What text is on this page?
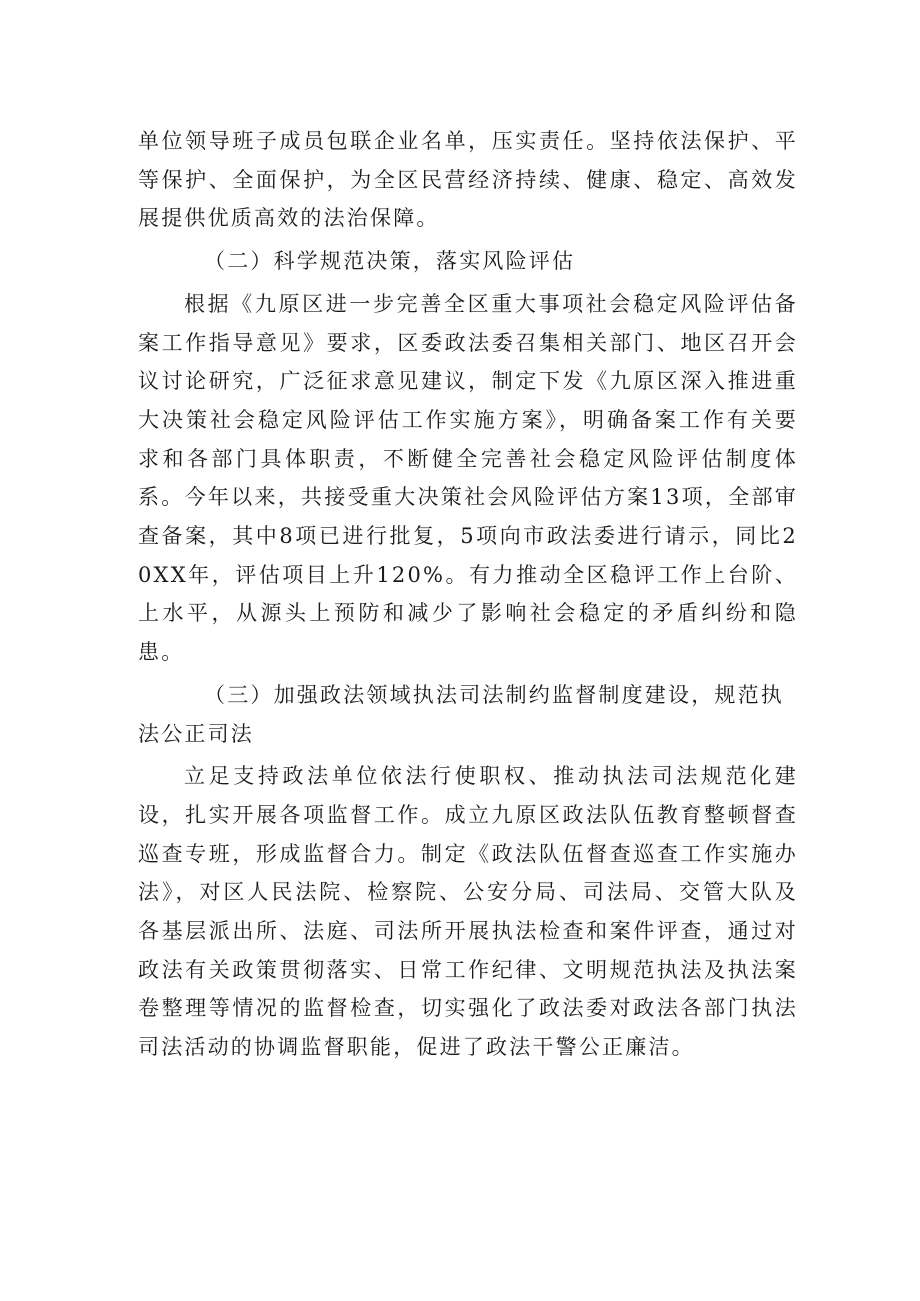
单位领导班子成员包联企业名单，压实责任。坚持依法保护、平等保护、全面保护，为全区民营经济持续、健康、稳定、高效发展提供优质高效的法治保障。

（二）科学规范决策，落实风险评估

根据《九原区进一步完善全区重大事项社会稳定风险评估备案工作指导意见》要求，区委政法委召集相关部门、地区召开会议讨论研究，广泛征求意见建议，制定下发《九原区深入推进重大决策社会稳定风险评估工作实施方案》，明确备案工作有关要求和各部门具体职责，不断健全完善社会稳定风险评估制度体系。今年以来，共接受重大决策社会风险评估方案13项，全部审查备案，其中8项已进行批复，5项向市政法委进行请示，同比20XX年，评估项目上升120%。有力推动全区稳评工作上台阶、上水平，从源头上预防和减少了影响社会稳定的矛盾纠纷和隐患。

（三）加强政法领域执法司法制约监督制度建设，规范执法公正司法

立足支持政法单位依法行使职权、推动执法司法规范化建设，扎实开展各项监督工作。成立九原区政法队伍教育整顿督查巡查专班，形成监督合力。制定《政法队伍督查巡查工作实施办法》，对区人民法院、检察院、公安分局、司法局、交管大队及各基层派出所、法庭、司法所开展执法检查和案件评查，通过对政法有关政策贯彻落实、日常工作纪律、文明规范执法及执法案卷整理等情况的监督检查，切实强化了政法委对政法各部门执法司法活动的协调监督职能，促进了政法干警公正廉洁。
